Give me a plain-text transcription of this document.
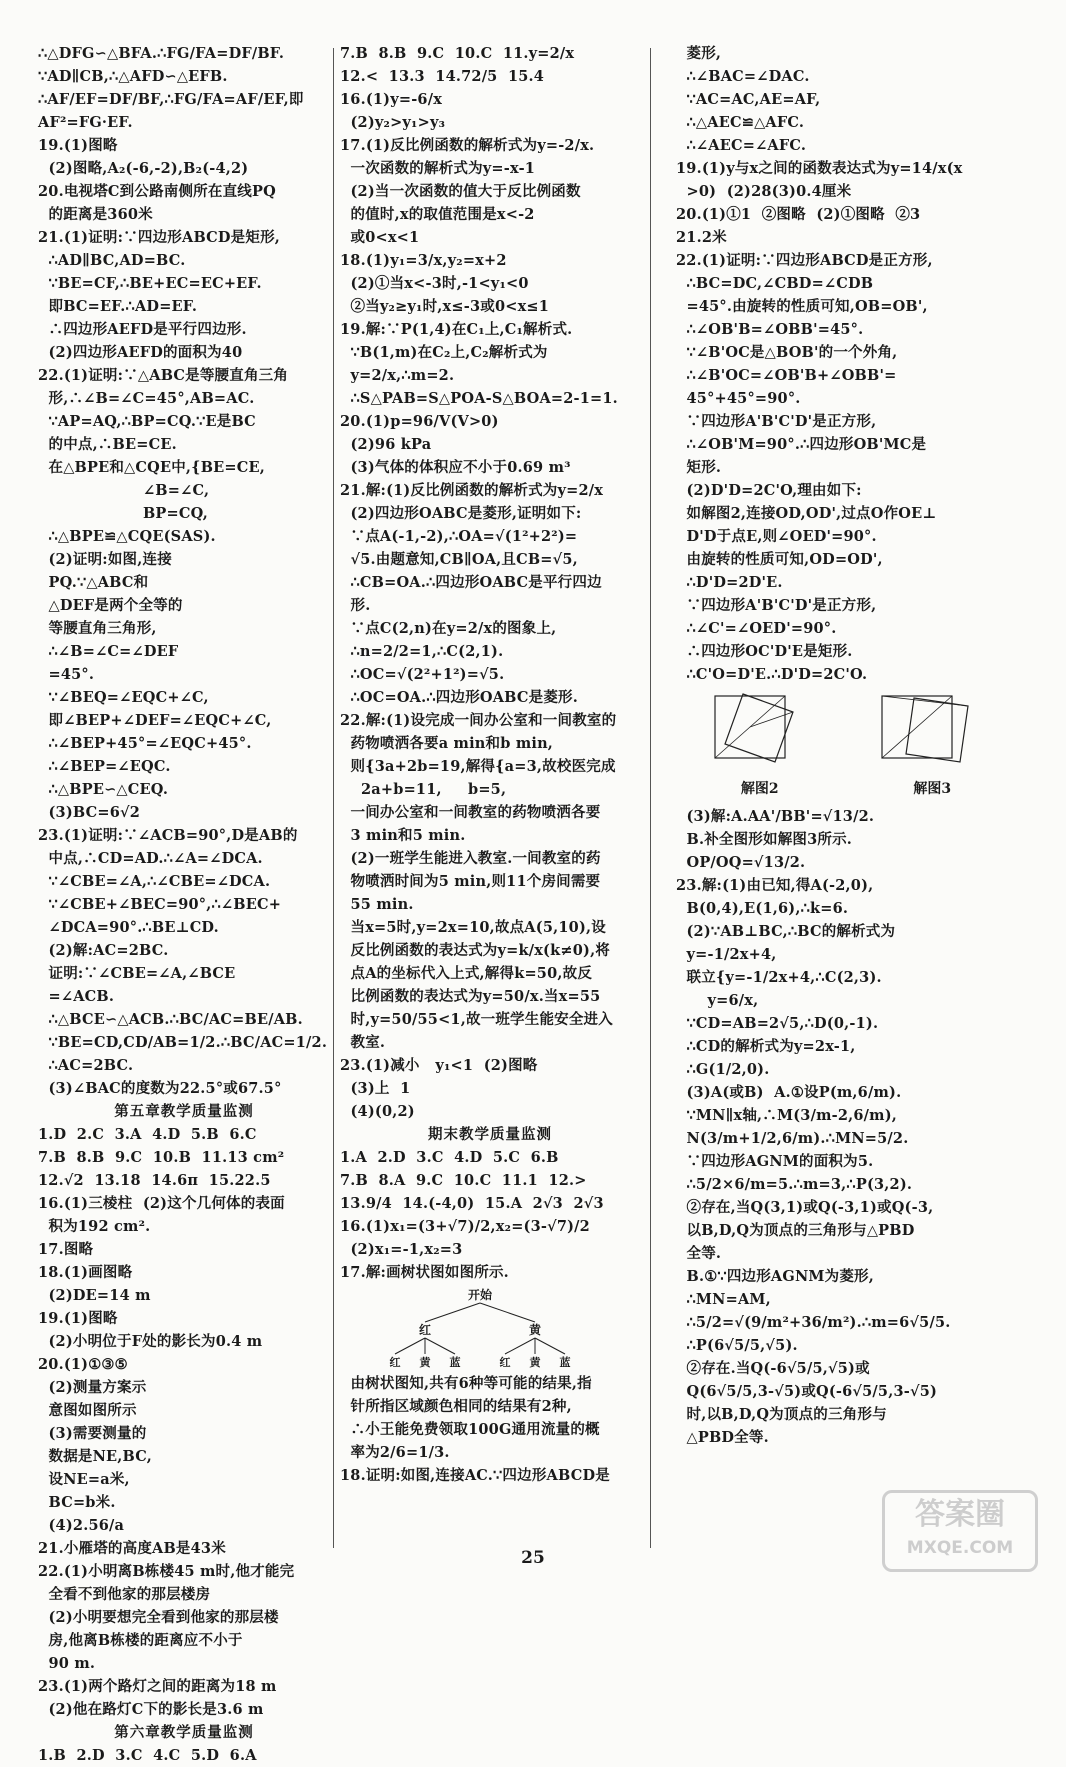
∴△DFG∽△BFA.∴FG/FA=DF/BF.
∵AD∥CB,∴△AFD∽△EFB.
∴AF/EF=DF/BF,∴FG/FA=AF/EF,即
AF²=FG·EF.
19.(1)图略
(2)图略,A₂(-6,-2),B₂(-4,2)
20.电视塔C到公路南侧所在直线PQ
的距离是360米
21.(1)证明:∵四边形ABCD是矩形,
∴AD∥BC,AD=BC.
∵BE=CF,∴BE+EC=EC+EF.
即BC=EF.∴AD=EF.
∴四边形AEFD是平行四边形.
(2)四边形AEFD的面积为40
22.(1)证明:∵△ABC是等腰直角三角
形,∴∠B=∠C=45°,AB=AC.
∵AP=AQ,∴BP=CQ.∵E是BC
的中点,∴BE=CE.
在△BPE和△CQE中,{BE=CE,
∠B=∠C,
BP=CQ,
∴△BPE≌△CQE(SAS).
(2)证明:如图,连接
PQ.∵△ABC和
△DEF是两个全等的
等腰直角三角形,
∴∠B=∠C=∠DEF
=45°.
∵∠BEQ=∠EQC+∠C,
即∠BEP+∠DEF=∠EQC+∠C,
∴∠BEP+45°=∠EQC+45°.
∴∠BEP=∠EQC.
∴△BPE∽△CEQ.
(3)BC=6√2
23.(1)证明:∵∠ACB=90°,D是AB的
中点,∴CD=AD.∴∠A=∠DCA.
∵∠CBE=∠A,∴∠CBE=∠DCA.
∵∠CBE+∠BEC=90°,∴∠BEC+
∠DCA=90°.∴BE⊥CD.
(2)解:AC=2BC.
证明:∵∠CBE=∠A,∠BCE
=∠ACB.
∴△BCE∽△ACB.∴BC/AC=BE/AB.
∵BE=CD,CD/AB=1/2.∴BC/AC=1/2.
∴AC=2BC.
(3)∠BAC的度数为22.5°或67.5°
第五章教学质量监测
1.D  2.C  3.A  4.D  5.B  6.C
7.B  8.B  9.C  10.B  11.13 cm²
12.√2  13.18  14.6π  15.22.5
16.(1)三棱柱  (2)这个几何体的表面
积为192 cm².
17.图略
18.(1)画图略
(2)DE=14 m
19.(1)图略
(2)小明位于F处的影长为0.4 m
20.(1)①③⑤
(2)测量方案示
意图如图所示
(3)需要测量的
数据是NE,BC,
设NE=a米,
BC=b米.
(4)2.56/a
21.小雁塔的高度AB是43米
22.(1)小明离B栋楼45 m时,他才能完
全看不到他家的那层楼房
(2)小明要想完全看到他家的那层楼
房,他离B栋楼的距离应不小于
90 m.
23.(1)两个路灯之间的距离为18 m
(2)他在路灯C下的影长是3.6 m
第六章教学质量监测
1.B  2.D  3.C  4.C  5.D  6.A
7.B  8.B  9.C  10.C  11.y=2/x
12.<  13.3  14.72/5  15.4
16.(1)y=-6/x
(2)y₂>y₁>y₃
17.(1)反比例函数的解析式为y=-2/x.
一次函数的解析式为y=-x-1
(2)当一次函数的值大于反比例函数
的值时,x的取值范围是x<-2
或0<x<1
18.(1)y₁=3/x,y₂=x+2
(2)①当x<-3时,-1<y₁<0
②当y₂≥y₁时,x≤-3或0<x≤1
19.解:∵P(1,4)在C₁上,C₁解析式.
∵B(1,m)在C₂上,C₂解析式为
y=2/x,∴m=2.
∴S△PAB=S△POA-S△BOA=2-1=1.
20.(1)p=96/V(V>0)
(2)96 kPa
(3)气体的体积应不小于0.69 m³
21.解:(1)反比例函数的解析式为y=2/x
(2)四边形OABC是菱形,证明如下:
∵点A(-1,-2),∴OA=√(1²+2²)=
√5.由题意知,CB∥OA,且CB=√5,
∴CB=OA.∴四边形OABC是平行四边
形.
∵点C(2,n)在y=2/x的图象上,
∴n=2/2=1,∴C(2,1).
∴OC=√(2²+1²)=√5.
∴OC=OA.∴四边形OABC是菱形.
22.解:(1)设完成一间办公室和一间教室的
药物喷洒各要a min和b min,
则{3a+2b=19,解得{a=3,故校医完成
2a+b=11,     b=5,
一间办公室和一间教室的药物喷洒各要
3 min和5 min.
(2)一班学生能进入教室.一间教室的药
物喷洒时间为5 min,则11个房间需要
55 min.
当x=5时,y=2x=10,故点A(5,10),设
反比例函数的表达式为y=k/x(k≠0),将
点A的坐标代入上式,解得k=50,故反
比例函数的表达式为y=50/x.当x=55
时,y=50/55<1,故一班学生能安全进入
教室.
23.(1)减小   y₁<1  (2)图略
(3)上  1
(4)(0,2)
期末教学质量监测
1.A  2.D  3.C  4.D  5.C  6.B
7.B  8.A  9.C  10.C  11.1  12.>
13.9/4  14.(-4,0)  15.A  2√3  2√3
16.(1)x₁=(3+√7)/2,x₂=(3-√7)/2
(2)x₁=-1,x₂=3
17.解:画树状图如图所示.
开始
红	黄
红 黄 蓝	红 黄 蓝
由树状图知,共有6种等可能的结果,指
针所指区域颜色相同的结果有2种,
∴小王能免费领取100G通用流量的概
率为2/6=1/3.
18.证明:如图,连接AC.∵四边形ABCD是
菱形,
∴∠BAC=∠DAC.
∵AC=AC,AE=AF,
∴△AEC≌△AFC.
∴∠AEC=∠AFC.
19.(1)y与x之间的函数表达式为y=14/x(x
>0)  (2)28(3)0.4厘米
20.(1)①1  ②图略  (2)①图略  ②3
21.2米
22.(1)证明:∵四边形ABCD是正方形,
∴BC=DC,∠CBD=∠CDB
=45°.由旋转的性质可知,OB=OB',
∴∠OB'B=∠OBB'=45°.
∵∠B'OC是△BOB'的一个外角,
∴∠B'OC=∠OB'B+∠OBB'=
45°+45°=90°.
∵四边形A'B'C'D'是正方形,
∴∠OB'M=90°.∴四边形OB'MC是
矩形.
(2)D'D=2C'O,理由如下:
如解图2,连接OD,OD',过点O作OE⊥
D'D于点E,则∠OED'=90°.
由旋转的性质可知,OD=OD',
∴D'D=2D'E.
∵四边形A'B'C'D'是正方形,
∴∠C'=∠OED'=90°.
∴四边形OC'D'E是矩形.
∴C'O=D'E.∴D'D=2C'O.
解图2	解图3
(3)解:A.AA'/BB'=√13/2.
B.补全图形如解图3所示.
OP/OQ=√13/2.
23.解:(1)由已知,得A(-2,0),
B(0,4),E(1,6),∴k=6.
(2)∵AB⊥BC,∴BC的解析式为
y=-1/2x+4,
联立{y=-1/2x+4,∴C(2,3).
y=6/x,
∵CD=AB=2√5,∴D(0,-1).
∴CD的解析式为y=2x-1,
∴G(1/2,0).
(3)A(或B)  A.①设P(m,6/m).
∵MN∥x轴,∴M(3/m-2,6/m),
N(3/m+1/2,6/m).∴MN=5/2.
∵四边形AGNM的面积为5.
∴5/2×6/m=5.∴m=3,∴P(3,2).
②存在,当Q(3,1)或Q(-3,1)或Q(-3,
以B,D,Q为顶点的三角形与△PBD
全等.
B.①∵四边形AGNM为菱形,
∴MN=AM,
∴5/2=√(9/m²+36/m²).∴m=6√5/5.
∴P(6√5/5,√5).
②存在.当Q(-6√5/5,√5)或
Q(6√5/5,3-√5)或Q(-6√5/5,3-√5)
时,以B,D,Q为顶点的三角形与
△PBD全等.
25
答案圈
MXQE.COM
